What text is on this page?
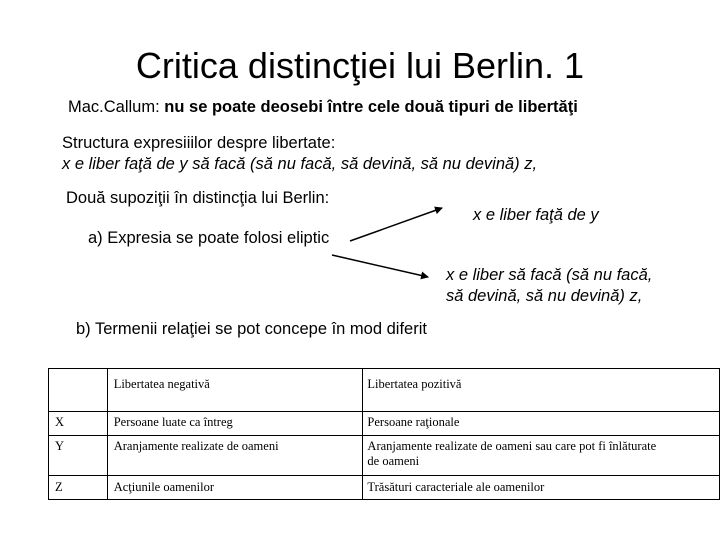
Critica distincţiei lui Berlin. 1
Mac.Callum: nu se poate deosebi între cele două tipuri de libertăţi
Structura expresiiilor despre libertate:
x e liber faţă de y să facă (să nu facă, să devină, să nu devină) z,
Două supoziţii în distincţia lui Berlin:
x e liber faţă de y
a) Expresia se poate folosi eliptic
x e liber să facă (să nu facă,
să devină, să nu devină) z,
b) Termenii relaţiei se pot concepe în mod diferit

	Libertatea negativă	Libertatea pozitivă

X	Persoane luate ca întreg	Persoane raţionale

Y	Aranjamente realizate de oameni	Aranjamente realizate de oameni sau care pot fi înlăturate de oameni

Z	Acţiunile oamenilor	Trăsături caracteriale ale oamenilor
